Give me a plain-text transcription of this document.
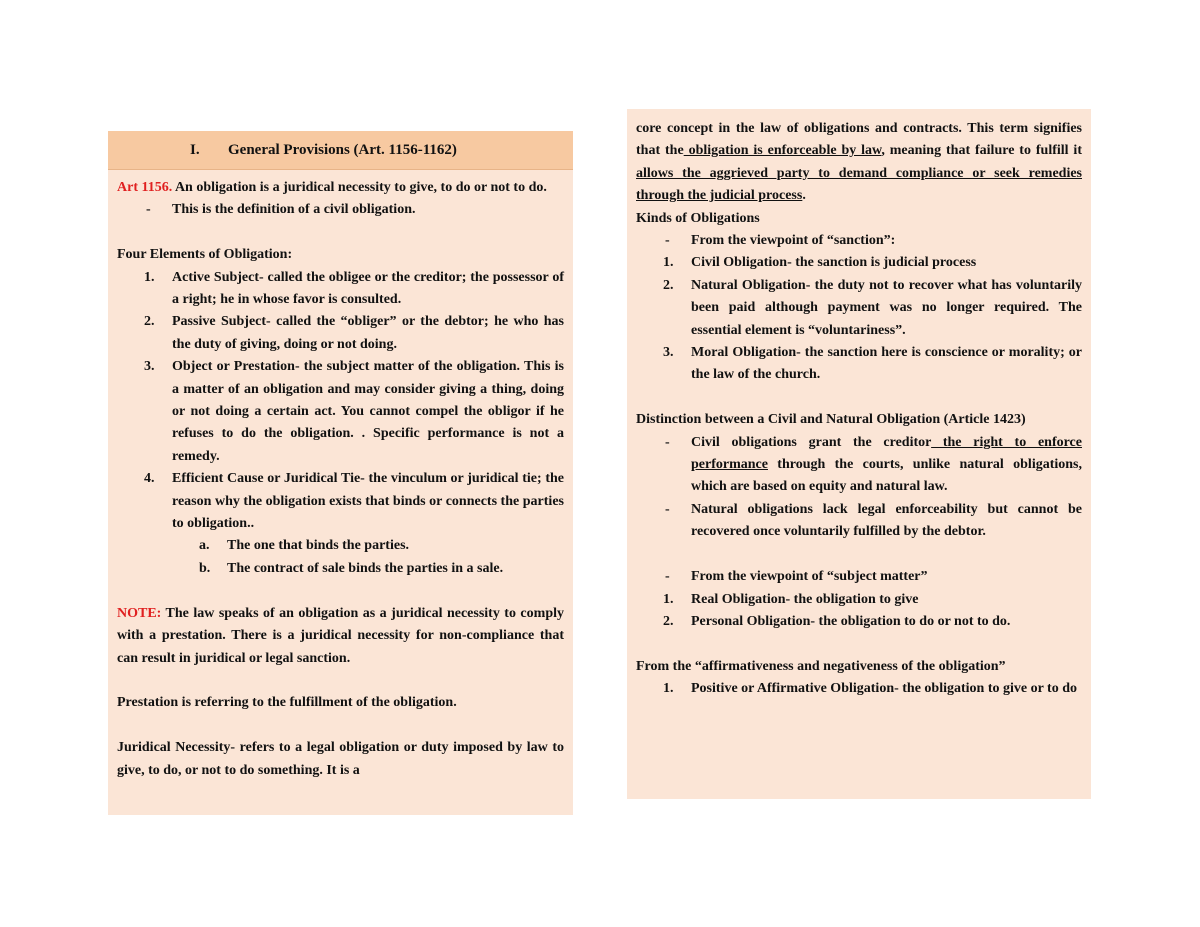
I. General Provisions (Art. 1156-1162)

Art 1156. An obligation is a juridical necessity to give, to do or not to do.

- This is the definition of a civil obligation.

Four Elements of Obligation:

1. Active Subject- called the obligee or the creditor; the possessor of a right; he in whose favor is consulted.
2. Passive Subject- called the “obliger” or the debtor; he who has the duty of giving, doing or not doing.
3. Object or Prestation- the subject matter of the obligation. This is a matter of an obligation and may consider giving a thing, doing or not doing a certain act. You cannot compel the obligor if he refuses to do the obligation. . Specific performance is not a remedy.
4. Efficient Cause or Juridical Tie- the vinculum or juridical tie; the reason why the obligation exists that binds or connects the parties to obligation..
a. The one that binds the parties.
b. The contract of sale binds the parties in a sale.

NOTE: The law speaks of an obligation as a juridical necessity to comply with a prestation. There is a juridical necessity for non-compliance that can result in juridical or legal sanction.

Prestation is referring to the fulfillment of the obligation.

Juridical Necessity- refers to a legal obligation or duty imposed by law to give, to do, or not to do something. It is a

core concept in the law of obligations and contracts. This term signifies that the obligation is enforceable by law, meaning that failure to fulfill it allows the aggrieved party to demand compliance or seek remedies through the judicial process.

Kinds of Obligations

- From the viewpoint of “sanction”:
1. Civil Obligation- the sanction is judicial process
2. Natural Obligation- the duty not to recover what has voluntarily been paid although payment was no longer required. The essential element is “voluntariness”.
3. Moral Obligation- the sanction here is conscience or morality; or the law of the church.

Distinction between a Civil and Natural Obligation (Article 1423)

- Civil obligations grant the creditor the right to enforce performance through the courts, unlike natural obligations, which are based on equity and natural law.
- Natural obligations lack legal enforceability but cannot be recovered once voluntarily fulfilled by the debtor.
- From the viewpoint of “subject matter”
1. Real Obligation- the obligation to give
2. Personal Obligation- the obligation to do or not to do.

From the “affirmativeness and negativeness of the obligation”

1. Positive or Affirmative Obligation- the obligation to give or to do
